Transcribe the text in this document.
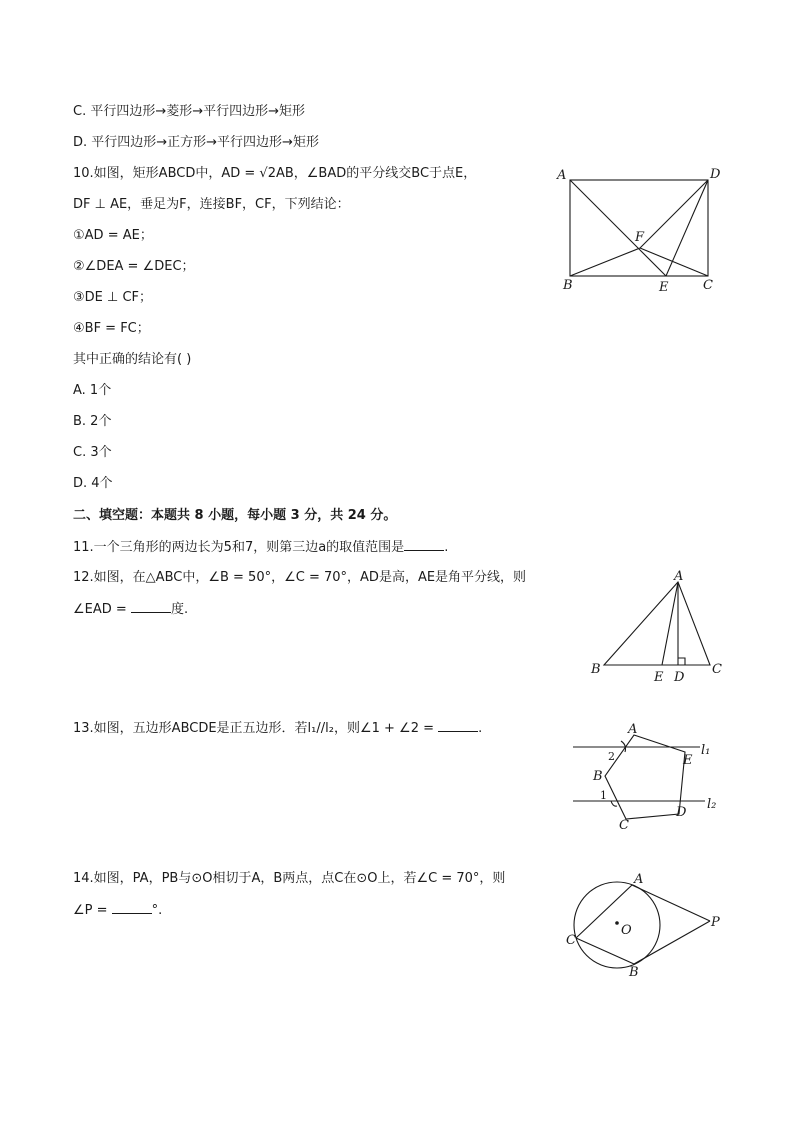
C. 平行四边形→菱形→平行四边形→矩形
D. 平行四边形→正方形→平行四边形→矩形
10.如图，矩形ABCD中，AD = √2AB，∠BAD的平分线交BC于点E，
DF ⊥ AE，垂足为F，连接BF，CF，下列结论：
①AD = AE；
②∠DEA = ∠DEC；
③DE ⊥ CF；
④BF = FC；
其中正确的结论有( )
A. 1个
B. 2个
C. 3个
D. 4个
A	D
F
B	E	C
二、填空题：本题共 8 小题，每小题 3 分，共 24 分。
11.一个三角形的两边长为5和7，则第三边a的取值范围是	.
12.如图，在△ABC中，∠B = 50°，∠C = 70°，AD是高，AE是角平分线，则
∠EAD =	度.
A
B
E D
C
13.如图，五边形ABCDE是正五边形．若l₁//l₂，则∠1 + ∠2 =	.	A
E
B
D
C
2
1
l₁
l₂
14.如图，PA，PB与⊙O相切于A，B两点，点C在⊙O上，若∠C = 70°，则
∠P =	°.
A
O
P
C
B
